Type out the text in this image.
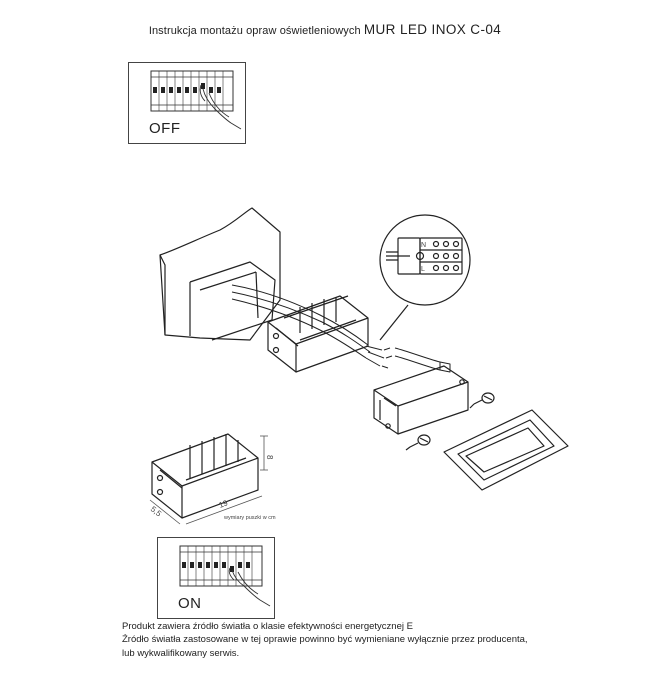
Instrukcja montażu opraw oświetleniowych MUR LED INOX C-04
OFF
ON
N
L
8
19
5,5	wymiary puszki w cm
Produkt zawiera źródło światła o klasie efektywności energetycznej E
Źródło światła zastosowane w tej oprawie powinno być wymieniane wyłącznie przez producenta,
lub wykwalifikowany serwis.
